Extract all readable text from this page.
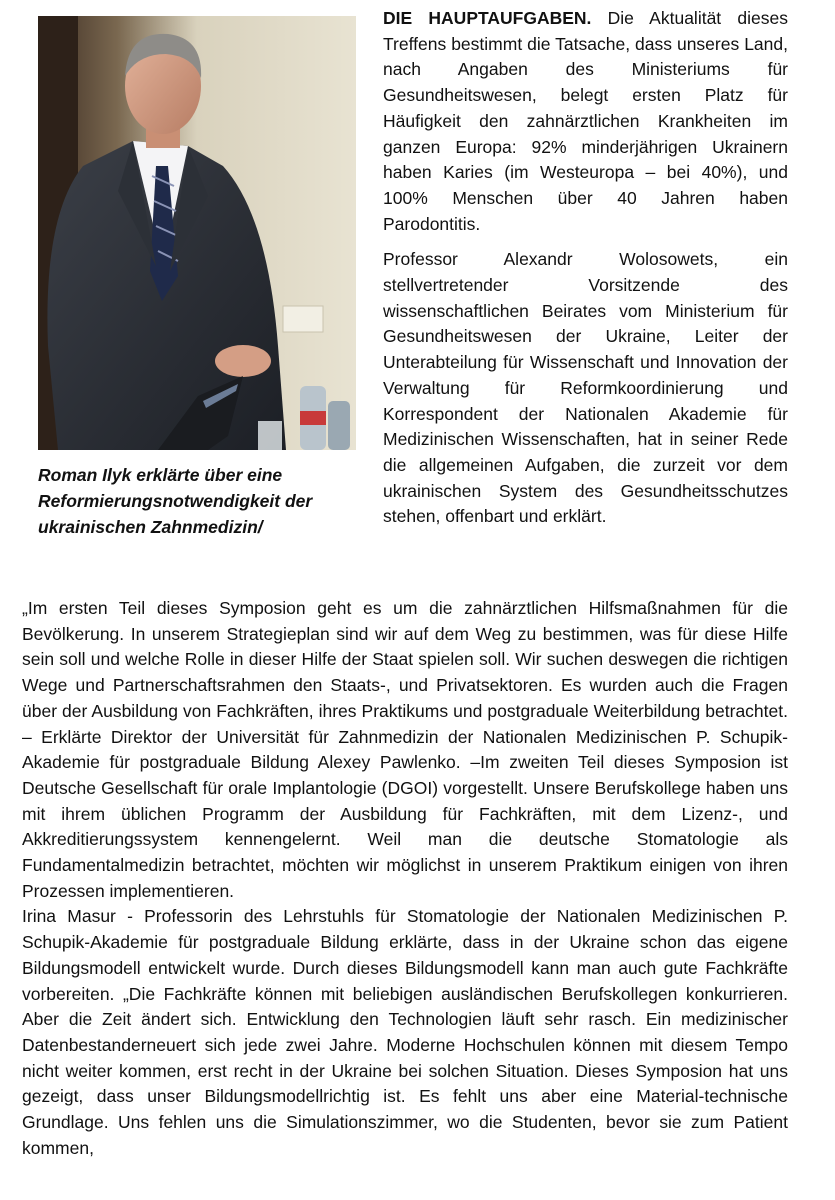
Roman Ilyk erklärte über eine
Reformierungsnotwendigkeit der
ukrainischen Zahnmedizin/

DIE HAUPTAUFGABEN. Die Aktualität dieses Treffens bestimmt die Tatsache, dass unseres Land, nach Angaben des Ministeriums für Gesundheitswesen, belegt ersten Platz für Häufigkeit den zahnärztlichen Krankheiten im ganzen Europa: 92% minderjährigen Ukrainern haben Karies (im Westeuropa – bei 40%), und 100% Menschen über 40 Jahren haben Parodontitis.

Professor Alexandr Wolosowets, ein stellvertretender Vorsitzende des wissenschaftlichen Beirates vom Ministerium für Gesundheitswesen der Ukraine, Leiter der Unterabteilung für Wissenschaft und Innovation der Verwaltung für Reformkoordinierung und Korrespondent der Nationalen Akademie für Medizinischen Wissenschaften, hat in seiner Rede die allgemeinen Aufgaben, die zurzeit vor dem ukrainischen System des Gesundheitsschutzes stehen, offenbart und erklärt.

„Im ersten Teil dieses Symposion geht es um die zahnärztlichen Hilfsmaßnahmen für die Bevölkerung. In unserem Strategieplan sind wir auf dem Weg zu bestimmen, was für diese Hilfe sein soll und welche Rolle in dieser Hilfe der Staat spielen soll. Wir suchen deswegen die richtigen Wege und Partnerschaftsrahmen den Staats-, und Privatsektoren. Es wurden auch die Fragen über der Ausbildung von Fachkräften, ihres Praktikums und postgraduale Weiterbildung betrachtet. – Erklärte Direktor der Universität für Zahnmedizin der Nationalen Medizinischen P. Schupik-Akademie für postgraduale Bildung Alexey Pawlenko. –Im zweiten Teil dieses Symposion ist Deutsche Gesellschaft für orale Implantologie (DGOI) vorgestellt. Unsere Berufskollege haben uns mit ihrem üblichen Programm der Ausbildung für Fachkräften, mit dem Lizenz-, und Akkreditierungssystem kennengelernt. Weil man die deutsche Stomatologie als Fundamentalmedizin betrachtet, möchten wir möglichst in unserem Praktikum einigen von ihren Prozessen implementieren.

Irina Masur - Professorin des Lehrstuhls für Stomatologie der Nationalen Medizinischen P. Schupik-Akademie für postgraduale Bildung erklärte, dass in der Ukraine schon das eigene Bildungsmodell entwickelt wurde. Durch dieses Bildungsmodell kann man auch gute Fachkräfte vorbereiten. „Die Fachkräfte können mit beliebigen ausländischen Berufskollegen konkurrieren. Aber die Zeit ändert sich. Entwicklung den Technologien läuft sehr rasch. Ein medizinischer Datenbestanderneuert sich jede zwei Jahre. Moderne Hochschulen können mit diesem Tempo nicht weiter kommen, erst recht in der Ukraine bei solchen Situation. Dieses Symposion hat uns gezeigt, dass unser Bildungsmodellrichtig ist. Es fehlt uns aber eine Material-technische Grundlage. Uns fehlen uns die Simulationszimmer, wo die Studenten, bevor sie zum Patient kommen,
